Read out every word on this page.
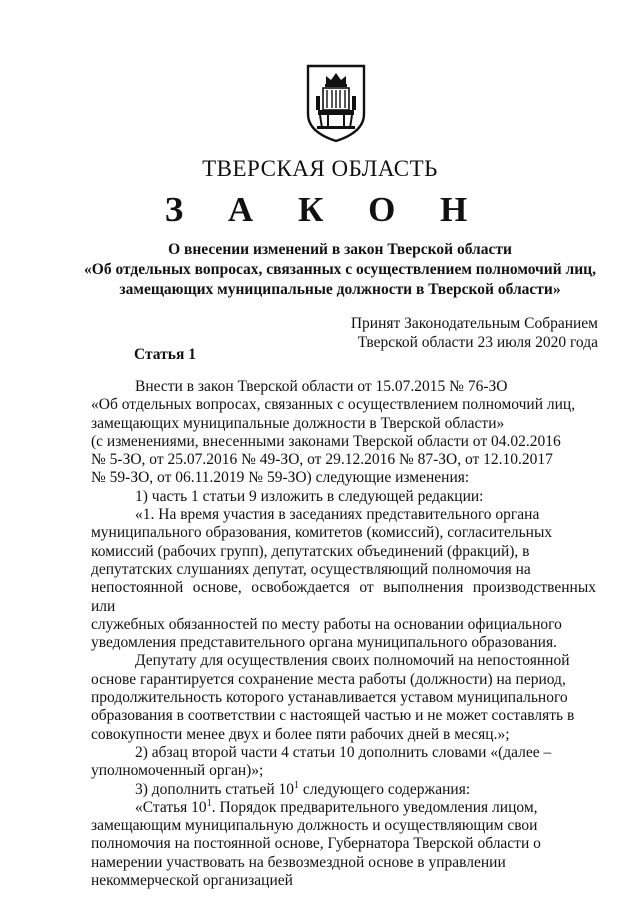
ТВЕРСКАЯ ОБЛАСТЬ
З А К О Н
О внесении изменений в закон Тверской области
«Об отдельных вопросах, связанных с осуществлением полномочий лиц,
замещающих муниципальные должности в Тверской области»
Принят Законодательным Собранием
Тверской области 23 июля 2020 года
Статья 1

Внести в закон Тверской области от 15.07.2015 № 76-ЗО

«Об отдельных вопросах, связанных с осуществлением полномочий лиц,

замещающих муниципальные должности в Тверской области»

(с изменениями, внесенными законами Тверской области от 04.02.2016

№ 5-ЗО, от 25.07.2016 № 49-ЗО, от 29.12.2016 № 87-ЗО, от 12.10.2017

№ 59-ЗО, от 06.11.2019 № 59-ЗО) следующие изменения:

1) часть 1 статьи 9 изложить в следующей редакции:

«1. На время участия в заседаниях представительного органа

муниципального образования, комитетов (комиссий), согласительных

комиссий (рабочих групп), депутатских объединений (фракций), в

депутатских слушаниях депутат, осуществляющий полномочия на

непостоянной основе, освобождается от выполнения производственных или

служебных обязанностей по месту работы на основании официального

уведомления представительного органа муниципального образования.

Депутату для осуществления своих полномочий на непостоянной

основе гарантируется сохранение места работы (должности) на период,

продолжительность которого устанавливается уставом муниципального

образования в соответствии с настоящей частью и не может составлять в

совокупности менее двух и более пяти рабочих дней в месяц.»;

2) абзац второй части 4 статьи 10 дополнить словами «(далее –

уполномоченный орган)»;

3) дополнить статьей $10^1$ следующего содержания:

«Статья $10^1$. Порядок предварительного уведомления лицом,

замещающим муниципальную должность и осуществляющим свои

полномочия на постоянной основе, Губернатора Тверской области о

намерении участвовать на безвозмездной основе в управлении

некоммерческой организацией
